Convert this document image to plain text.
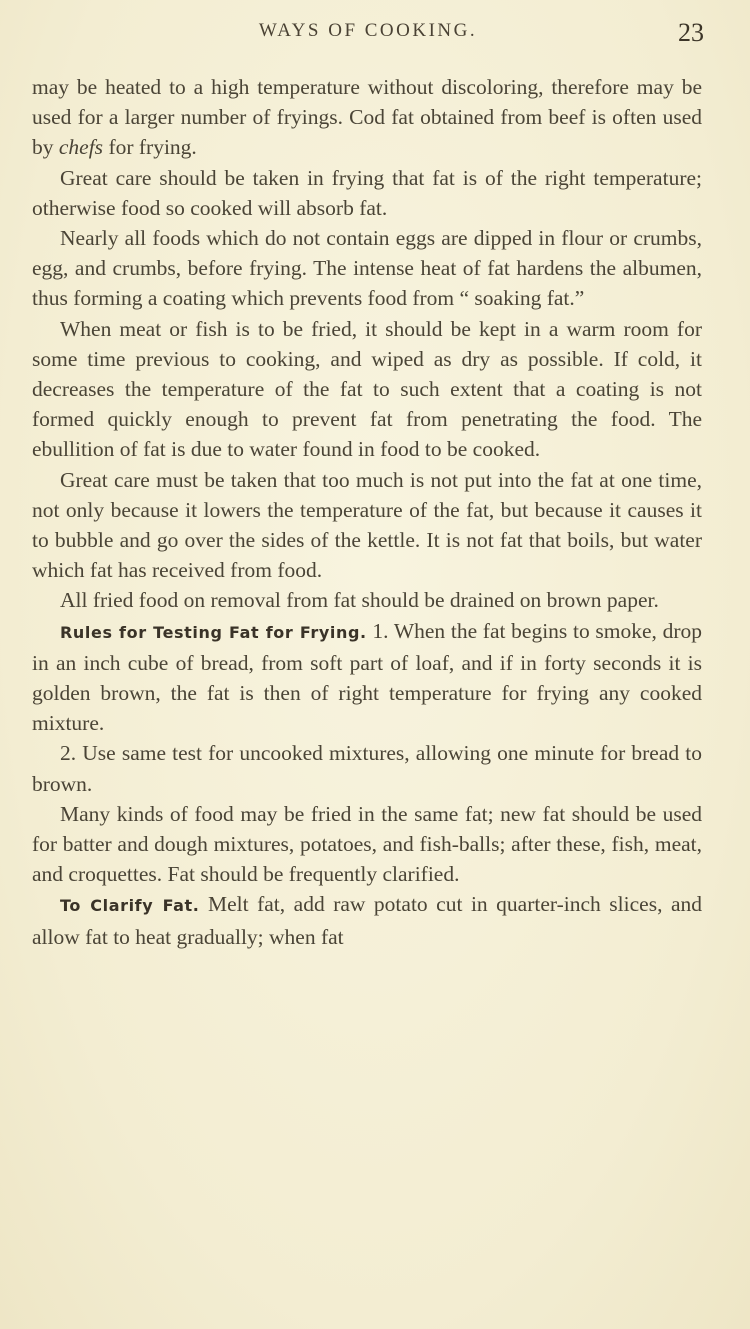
WAYS OF COOKING.	23

may be heated to a high temperature without discoloring, therefore may be used for a larger number of fryings. Cod fat obtained from beef is often used by chefs for frying.

Great care should be taken in frying that fat is of the right temperature; otherwise food so cooked will absorb fat.

Nearly all foods which do not contain eggs are dipped in flour or crumbs, egg, and crumbs, before frying. The intense heat of fat hardens the albumen, thus forming a coating which prevents food from “ soaking fat.”

When meat or fish is to be fried, it should be kept in a warm room for some time previous to cooking, and wiped as dry as possible. If cold, it decreases the temperature of the fat to such extent that a coating is not formed quickly enough to prevent fat from penetrating the food. The ebullition of fat is due to water found in food to be cooked.

Great care must be taken that too much is not put into the fat at one time, not only because it lowers the temperature of the fat, but because it causes it to bubble and go over the sides of the kettle. It is not fat that boils, but water which fat has received from food.

All fried food on removal from fat should be drained on brown paper.

Rules for Testing Fat for Frying. 1. When the fat begins to smoke, drop in an inch cube of bread, from soft part of loaf, and if in forty seconds it is golden brown, the fat is then of right temperature for frying any cooked mixture.

2. Use same test for uncooked mixtures, allowing one minute for bread to brown.

Many kinds of food may be fried in the same fat; new fat should be used for batter and dough mixtures, potatoes, and fish-balls; after these, fish, meat, and croquettes. Fat should be frequently clarified.

To Clarify Fat. Melt fat, add raw potato cut in quarter-inch slices, and allow fat to heat gradually; when fat
